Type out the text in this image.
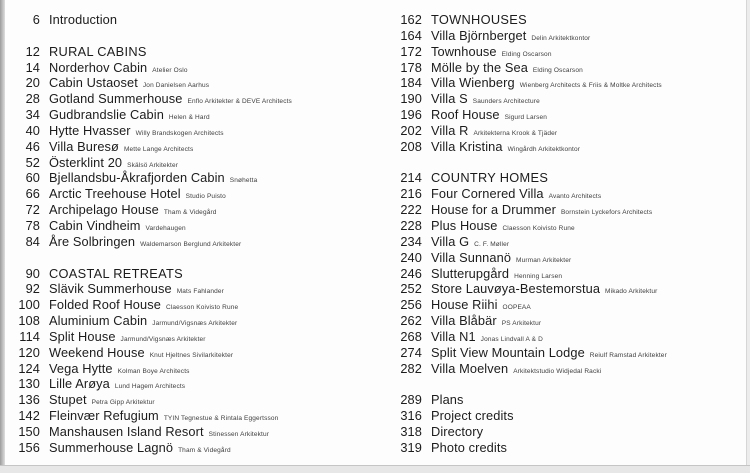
6 Introduction
12 RURAL CABINS
14 Norderhov Cabin Atelier Oslo
20 Cabin Ustaoset Jon Danielsen Aarhus
28 Gotland Summerhouse Enflo Arkitekter & DEVE Architects
34 Gudbrandslie Cabin Helen & Hard
40 Hytte Hvasser Willy Brandskogen Architects
46 Villa Buresø Mette Lange Architects
52 Österklint 20 Skälsö Arkitekter
60 Bjellandsbu-Åkrafjorden Cabin Snøhetta
66 Arctic Treehouse Hotel Studio Puisto
72 Archipelago House Tham & Videgård
78 Cabin Vindheim Vardehaugen
84 Åre Solbringen Waldemarson Berglund Arkitekter
90 COASTAL RETREATS
92 Slävik Summerhouse Mats Fahlander
100 Folded Roof House Claesson Koivisto Rune
108 Aluminium Cabin Jarmund/Vigsnæs Arkitekter
114 Split House Jarmund/Vigsnæs Arkitekter
120 Weekend House Knut Hjeltnes Sivilarkitekter
124 Vega Hytte Kolman Boye Architects
130 Lille Arøya Lund Hagem Architects
136 Stupet Petra Gipp Arkitektur
142 Fleinvær Refugium TYIN Tegnestue & Rintala Eggertsson
150 Manshausen Island Resort Stinessen Arkitektur
156 Summerhouse Lagnö Tham & Videgård
162 TOWNHOUSES
164 Villa Björnberget Delin Arkitektkontor
172 Townhouse Elding Oscarson
178 Mölle by the Sea Elding Oscarson
184 Villa Wienberg Wienberg Architects & Friis & Moltke Architects
190 Villa S Saunders Architecture
196 Roof House Sigurd Larsen
202 Villa R Arkitekterna Krook & Tjäder
208 Villa Kristina Wingårdh Arkitektkontor
214 COUNTRY HOMES
216 Four Cornered Villa Avanto Architects
222 House for a Drummer Bornstein Lyckefors Architects
228 Plus House Claesson Koivisto Rune
234 Villa G C. F. Møller
240 Villa Sunnanö Murman Arkitekter
246 Slutterupgård Henning Larsen
252 Store Lauvøya-Bestemorstua Mikado Arkitektur
256 House Riihi OOPEAA
262 Villa Blåbär PS Arkitektur
268 Villa N1 Jonas Lindvall A & D
274 Split View Mountain Lodge Reiulf Ramstad Arkitekter
282 Villa Moelven Arkitektstudio Widjedal Racki
289 Plans
316 Project credits
318 Directory
319 Photo credits
